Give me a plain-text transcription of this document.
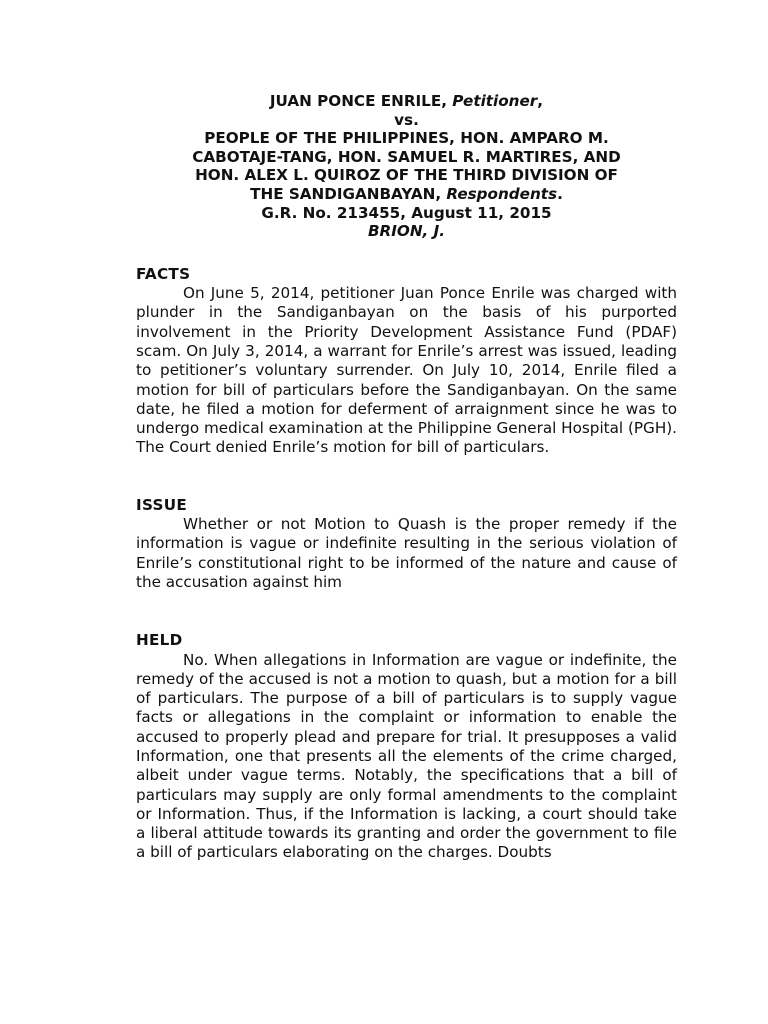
JUAN PONCE ENRILE, Petitioner,
vs.
PEOPLE OF THE PHILIPPINES, HON. AMPARO M.
CABOTAJE-TANG, HON. SAMUEL R. MARTIRES, AND
HON. ALEX L. QUIROZ OF THE THIRD DIVISION OF
THE SANDIGANBAYAN, Respondents.
G.R. No. 213455, August 11, 2015
BRION, J.
FACTS

On June 5, 2014, petitioner Juan Ponce Enrile was charged with plunder in the Sandiganbayan on the basis of his purported involvement in the Priority Development Assistance Fund (PDAF) scam. On July 3, 2014, a warrant for Enrile’s arrest was issued, leading to petitioner’s voluntary surrender. On July 10, 2014, Enrile filed a motion for bill of particulars before the Sandiganbayan. On the same date, he filed a motion for deferment of arraignment since he was to undergo medical examination at the Philippine General Hospital (PGH). The Court denied Enrile’s motion for bill of particulars.

ISSUE

Whether or not Motion to Quash is the proper remedy if the information is vague or indefinite resulting in the serious violation of Enrile’s constitutional right to be informed of the nature and cause of the accusation against him

HELD

No. When allegations in Information are vague or indefinite, the remedy of the accused is not a motion to quash, but a motion for a bill of particulars. The purpose of a bill of particulars is to supply vague facts or allegations in the complaint or information to enable the accused to properly plead and prepare for trial. It presupposes a valid Information, one that presents all the elements of the crime charged, albeit under vague terms. Notably, the specifications that a bill of particulars may supply are only formal amendments to the complaint or Information. Thus, if the Information is lacking, a court should take a liberal attitude towards its granting and order the government to file a bill of particulars elaborating on the charges. Doubts
